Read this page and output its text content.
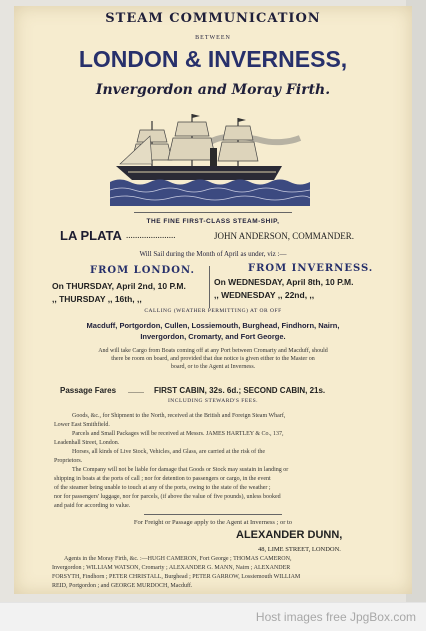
STEAM COMMUNICATION
BETWEEN
LONDON & INVERNESS,
Invergordon and Moray Firth.
THE FINE FIRST-CLASS STEAM-SHIP,
LA PLATA ......................	JOHN ANDERSON, COMMANDER.
Will Sail during the Month of April as under, viz :—
FROM LONDON.	FROM INVERNESS.
On THURSDAY, April 2nd, 10 P.M.
,, THURSDAY ,, 16th, ,,
On WEDNESDAY, April 8th, 10 P.M.
,, WEDNESDAY ,, 22nd, ,,
CALLING (WEATHER PERMITTING) AT OR OFF
Macduff, Portgordon, Cullen, Lossiemouth, Burghead, Findhorn, Nairn,
Invergordon, Cromarty, and Fort George.
And will take Cargo from Boats coming off at any Port between Cromarty and Macduff, should
there be room on board, and provided that due notice is given either to the Master on
board, or to the Agent at Inverness.
Passage Fares ........ FIRST CABIN, 32s. 6d.; SECOND CABIN, 21s.
INCLUDING STEWARD'S FEES.
Goods, &c., for Shipment to the North, received at the British and Foreign Steam Wharf,
Lower East Smithfield.
Parcels and Small Packages will be received at Messrs. JAMES HARTLEY & Co., 137,
Leadenhall Street, London.
Horses, all kinds of Live Stock, Vehicles, and Glass, are carried at the risk of the
Proprietors.
The Company will not be liable for damage that Goods or Stock may sustain in landing or
shipping in boats at the ports of call ; nor for detention to passengers or cargo, in the event
of the steamer being unable to touch at any of the ports, owing to the state of the weather ;
nor for passengers' luggage, nor for parcels, (if above the value of five pounds), unless booked
and paid for according to value.
For Freight or Passage apply to the Agent at Inverness ; or to
ALEXANDER DUNN,
48, LIME STREET, LONDON.
Agents in the Moray Firth, &c. :—HUGH CAMERON, Fort George ; THOMAS CAMERON,
Invergordon ; WILLIAM WATSON, Cromarty ; ALEXANDER G. MANN, Nairn ; ALEXANDER
FORSYTH, Findhorn ; PETER CHRISTALL, Burghead ; PETER GARROW, Lossiemouth WILLIAM
REID, Portgordon ; and GEORGE MURDOCH, Macduff.
Host images free JpgBox.com
